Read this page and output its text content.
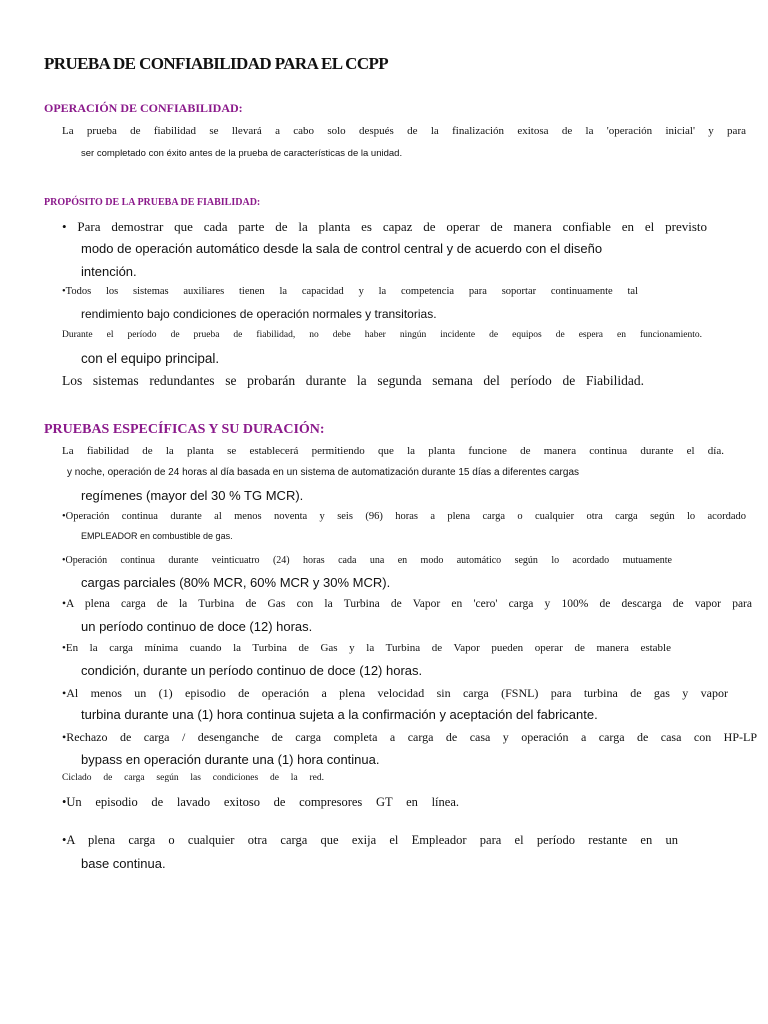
PRUEBA DE CONFIABILIDAD PARA EL CCPP
OPERACIÓN DE CONFIABILIDAD:
La prueba de fiabilidad se llevará a cabo solo después de la finalización exitosa de la 'operación inicial' y para
ser completado con éxito antes de la prueba de características de la unidad.
PROPÓSITO DE LA PRUEBA DE FIABILIDAD:
• Para demostrar que cada parte de la planta es capaz de operar de manera confiable en el previsto
modo de operación automático desde la sala de control central y de acuerdo con el diseño
intención.
•Todos los sistemas auxiliares tienen la capacidad y la competencia para soportar continuamente tal
rendimiento bajo condiciones de operación normales y transitorias.
Durante el período de prueba de fiabilidad, no debe haber ningún incidente de equipos de espera en funcionamiento.
con el equipo principal.
Los sistemas redundantes se probarán durante la segunda semana del período de Fiabilidad.
PRUEBAS ESPECÍFICAS Y SU DURACIÓN:
La fiabilidad de la planta se establecerá permitiendo que la planta funcione de manera continua durante el día.
y noche, operación de 24 horas al día basada en un sistema de automatización durante 15 días a diferentes cargas
regímenes (mayor del 30 % TG MCR).
•Operación continua durante al menos noventa y seis (96) horas a plena carga o cualquier otra carga según lo acordado
EMPLEADOR en combustible de gas.
•Operación continua durante veinticuatro (24) horas cada una en modo automático según lo acordado mutuamente
cargas parciales (80% MCR, 60% MCR y 30% MCR).
•A plena carga de la Turbina de Gas con la Turbina de Vapor en 'cero' carga y 100% de descarga de vapor para
un período continuo de doce (12) horas.
•En la carga mínima cuando la Turbina de Gas y la Turbina de Vapor pueden operar de manera estable
condición, durante un período continuo de doce (12) horas.
•Al menos un (1) episodio de operación a plena velocidad sin carga (FSNL) para turbina de gas y vapor
turbina durante una (1) hora continua sujeta a la confirmación y aceptación del fabricante.
•Rechazo de carga / desenganche de carga completa a carga de casa y operación a carga de casa con HP-LP
bypass en operación durante una (1) hora continua.
Ciclado de carga según las condiciones de la red.
•Un episodio de lavado exitoso de compresores GT en línea.
•A plena carga o cualquier otra carga que exija el Empleador para el período restante en un
base continua.
